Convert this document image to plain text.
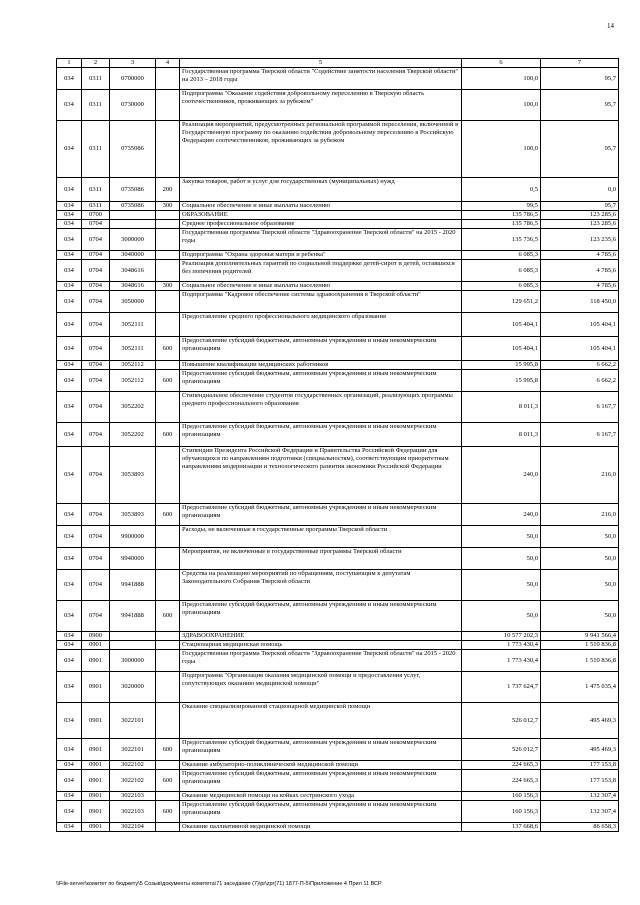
14
1	2	3	4	5	6	7
034	0311	0700000		Государственная программа Тверской области "Содействие занятости населения Тверской области" на 2013 – 2018 годы	100,0	95,7
034	0311	0730000		Подпрограмма "Оказание содействия добровольному переселению в Тверскую область соотечественников, проживающих за рубежом"	100,0	95,7
034	0311	0735086		Реализация мероприятий, предусмотренных региональной программой переселения, включенной в Государственную программу по оказанию содействия добровольному переселению в Российскую Федерацию соотечественников, проживающих за рубежом	100,0	95,7
034	0311	0735086	200	Закупка товаров, работ и услуг для государственных (муниципальных) нужд	0,5	0,0
034	0311	0735086	300	Социальное обеспечение и иные выплаты населению	99,5	95,7
034	0700			ОБРАЗОВАНИЕ	135 786,5	123 285,6
034	0704			Среднее профессиональное образование	135 786,5	123 285,6
034	0704	3000000		Государственная программа Тверской области "Здравоохранение Тверской области" на 2015 - 2020 годы	135 736,5	123 235,6
034	0704	3040000		Подпрограмма "Охрана здоровья матери и ребенка"	6 085,3	4 785,6
034	0704	3048616		Реализация дополнительных гарантий по социальной поддержке детей-сирот и детей, оставшихся без попечения родителей	6 085,3	4 785,6
034	0704	3048616	300	Социальное обеспечение и иные выплаты населению	6 085,3	4 785,6
034	0704	3050000		Подпрограмма "Кадровое обеспечение системы здравоохранения в Тверской области"	129 651,2	118 450,0
034	0704	3052111		Предоставление среднего профессионального медицинского образования	105 404,1	105 404,1
034	0704	3052111	600	Предоставление субсидий бюджетным, автономным учреждениям и иным некоммерческим организациям	105 404,1	105 404,1
034	0704	3052112		Повышение квалификации медицинских работников	15 995,8	6 662,2
034	0704	3052112	600	Предоставление субсидий бюджетным, автономным учреждениям и иным некоммерческим организациям	15 995,8	6 662,2
034	0704	3052202		Стипендиальное обеспечение студентов государственных организаций, реализующих программы среднего профессионального образования	8 011,3	6 167,7
034	0704	3052202	600	Предоставление субсидий бюджетным, автономным учреждениям и иным некоммерческим организациям	8 011,3	6 167,7
034	0704	3053893		Стипендии Президента Российской Федерации и Правительства Российской Федерации для обучающихся по направлениям подготовки (специальностям), соответствующим приоритетным направлениям модернизации и технологического развития экономики Российской Федерации	240,0	216,0
034	0704	3053893	600	Предоставление субсидий бюджетным, автономным учреждениям и иным некоммерческим организациям	240,0	216,0
034	0704	9900000		Расходы, не включенные в государственные программы Тверской области	50,0	50,0
034	0704	9940000		Мероприятия, не включенные в государственные программы Тверской области	50,0	50,0
034	0704	9941888		Средства на реализацию мероприятий по обращениям, поступающим к депутатам Законодательного Собрания Тверской области	50,0	50,0
034	0704	9941888	600	Предоставление субсидий бюджетным, автономным учреждениям и иным некоммерческим организациям	50,0	50,0
034	0900			ЗДРАВООХРАНЕНИЕ	10 577 202,3	9 941 566,4
034	0901			Стационарная медицинская помощь	1 773 430,4	1 510 836,8
034	0901	3000000		Государственная программа Тверской области "Здравоохранение Тверской области" на 2015 - 2020 годы	1 773 430,4	1 510 836,8
034	0901	3020000		Подпрограмма "Организация оказания медицинской помощи и предоставления услуг, сопутствующих оказанию медицинской помощи"	1 737 624,7	1 475 035,4
034	0901	3022101		Оказание специализированной стационарной медицинской помощи	526 012,7	495 469,3
034	0901	3022101	600	Предоставление субсидий бюджетным, автономным учреждениям и иным некоммерческим организациям	526 012,7	495 469,3
034	0901	3022102		Оказание амбулаторно-поликлинической медицинской помощи	224 665,3	177 153,8
034	0901	3022102	600	Предоставление субсидий бюджетным, автономным учреждениям и иным некоммерческим организациям	224 665,3	177 153,8
034	0901	3022103		Оказание медицинской помощи на койках сестринского ухода	160 156,3	132 307,4
034	0901	3022103	600	Предоставление субсидий бюджетным, автономным учреждениям и иным некоммерческим организациям	160 156,3	132 307,4
034	0901	3022104		Оказание паллиативной медицинской помощи	137 668,6	86 658,3
\\File-server\комитет по бюджету\5 Созыв\документы комитета\71 заседание (7)\pr\zpr(71) 1877-П-5\Приложение 4 Прил 11 ВСР
